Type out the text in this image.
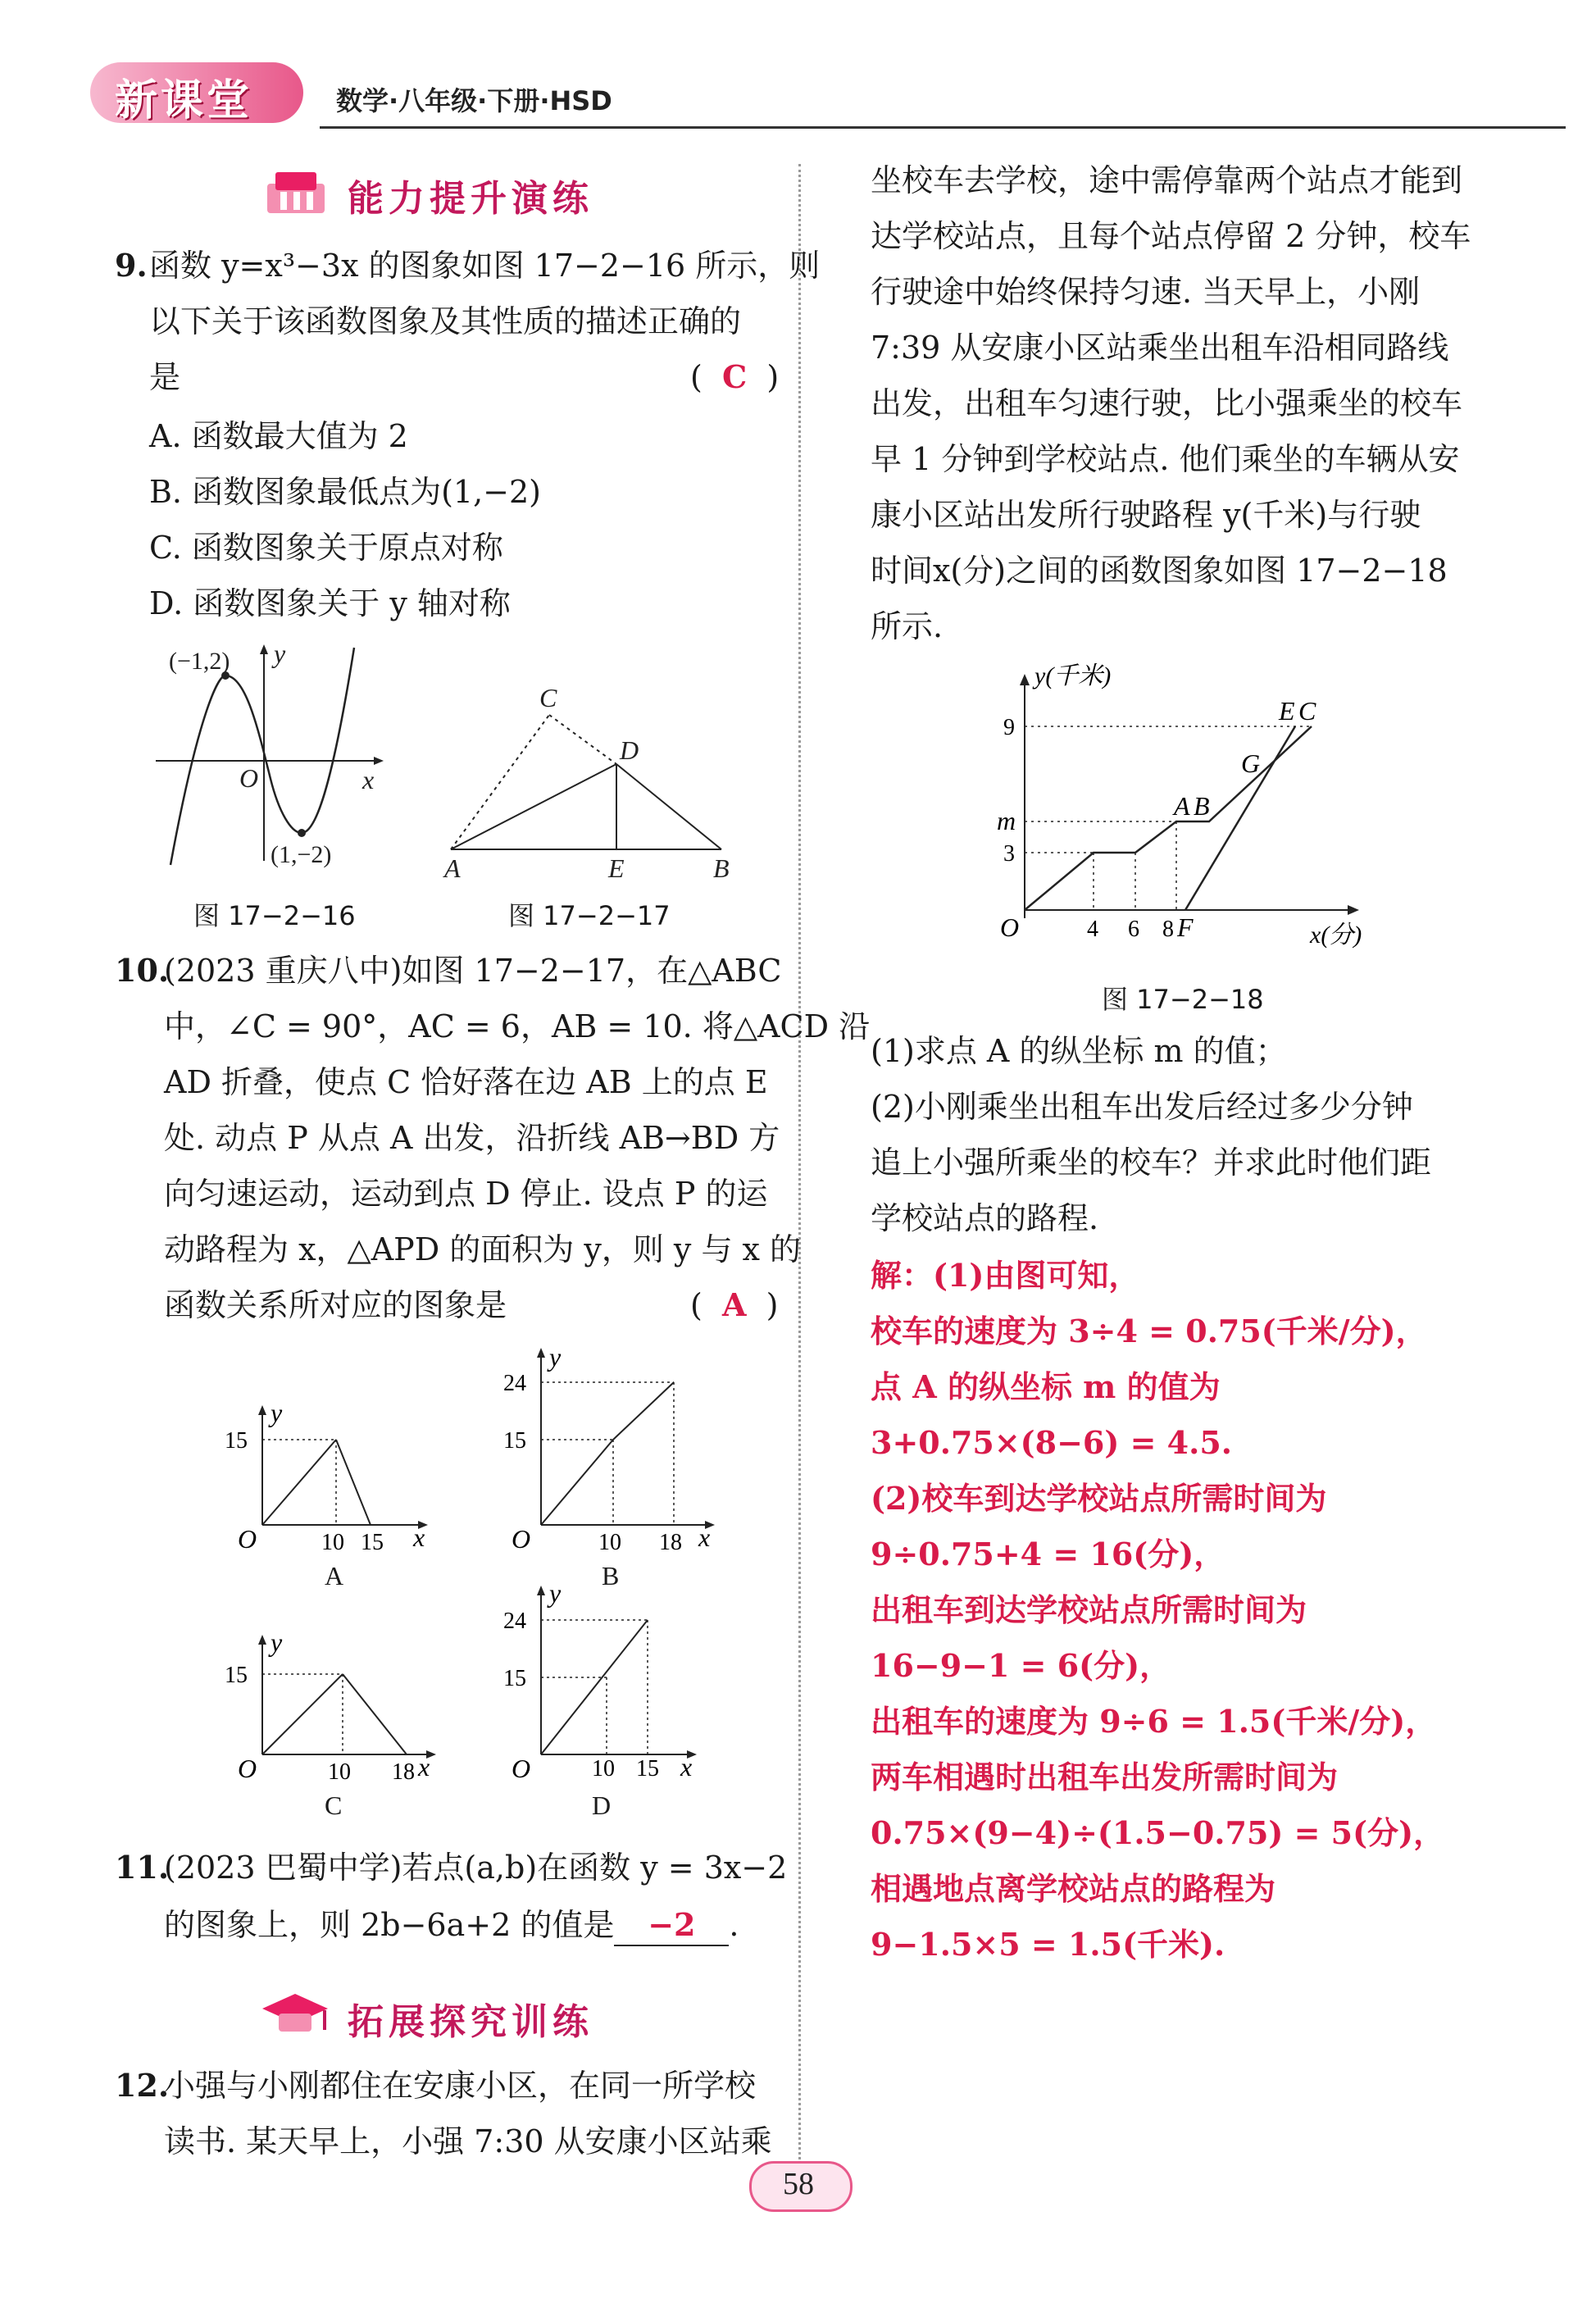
新课堂	数学·八年级·下册·HSD
能力提升演练
9. 函数 y=x³−3x 的图象如图 17−2−16 所示，则
以下关于该函数图象及其性质的描述正确的
是	(  C  )
A. 函数最大值为 2
B. 函数图象最低点为(1,−2)
C. 函数图象关于原点对称
D. 函数图象关于 y 轴对称
(−1,2)
(1,−2)
O	x
y
图 17−2−16
A	B
C
D
E
图 17−2−17
10.
(2023 重庆八中)如图 17−2−17，在△ABC
中，∠C = 90°，AC = 6，AB = 10. 将△ACD 沿
AD 折叠，使点 C 恰好落在边 AB 上的点 E
处. 动点 P 从点 A 出发，沿折线 AB→BD 方
向匀速运动，运动到点 D 停止. 设点 P 的运
动路程为 x，△APD 的面积为 y，则 y 与 x 的
函数关系所对应的图象是	(  A  )
y
O	x
15
10 15
A
y
O	x
24
15
10 18
B
y
O	x
15
10 18
C
y
O	x
24
15
10 15
D
11.
(2023 巴蜀中学)若点(a,b)在函数 y = 3x−2
的图象上，则 2b−6a+2 的值是 −2 .
拓展探究训练
12.
小强与小刚都住在安康小区，在同一所学校
读书. 某天早上，小强 7:30 从安康小区站乘
坐校车去学校，途中需停靠两个站点才能到
达学校站点，且每个站点停留 2 分钟，校车
行驶途中始终保持匀速. 当天早上，小刚
7:39 从安康小区站乘坐出租车沿相同路线
出发，出租车匀速行驶，比小强乘坐的校车
早 1 分钟到学校站点. 他们乘坐的车辆从安
康小区站出发所行驶路程 y(千米)与行驶
时间x(分)之间的函数图象如图 17−2−18
所示.
y(千米)
x(分)
9
m
3
4 6 8
O	F
A B
G
E C
图 17−2−18
(1)求点 A 的纵坐标 m 的值；
(2)小刚乘坐出租车出发后经过多少分钟
追上小强所乘坐的校车？并求此时他们距
学校站点的路程.
解：(1)由图可知，
校车的速度为 3÷4 = 0.75(千米/分)，
点 A 的纵坐标 m 的值为
3+0.75×(8−6) = 4.5.
(2)校车到达学校站点所需时间为
9÷0.75+4 = 16(分)，
出租车到达学校站点所需时间为
16−9−1 = 6(分)，
出租车的速度为 9÷6 = 1.5(千米/分)，
两车相遇时出租车出发所需时间为
0.75×(9−4)÷(1.5−0.75) = 5(分)，
相遇地点离学校站点的路程为
9−1.5×5 = 1.5(千米).
58
